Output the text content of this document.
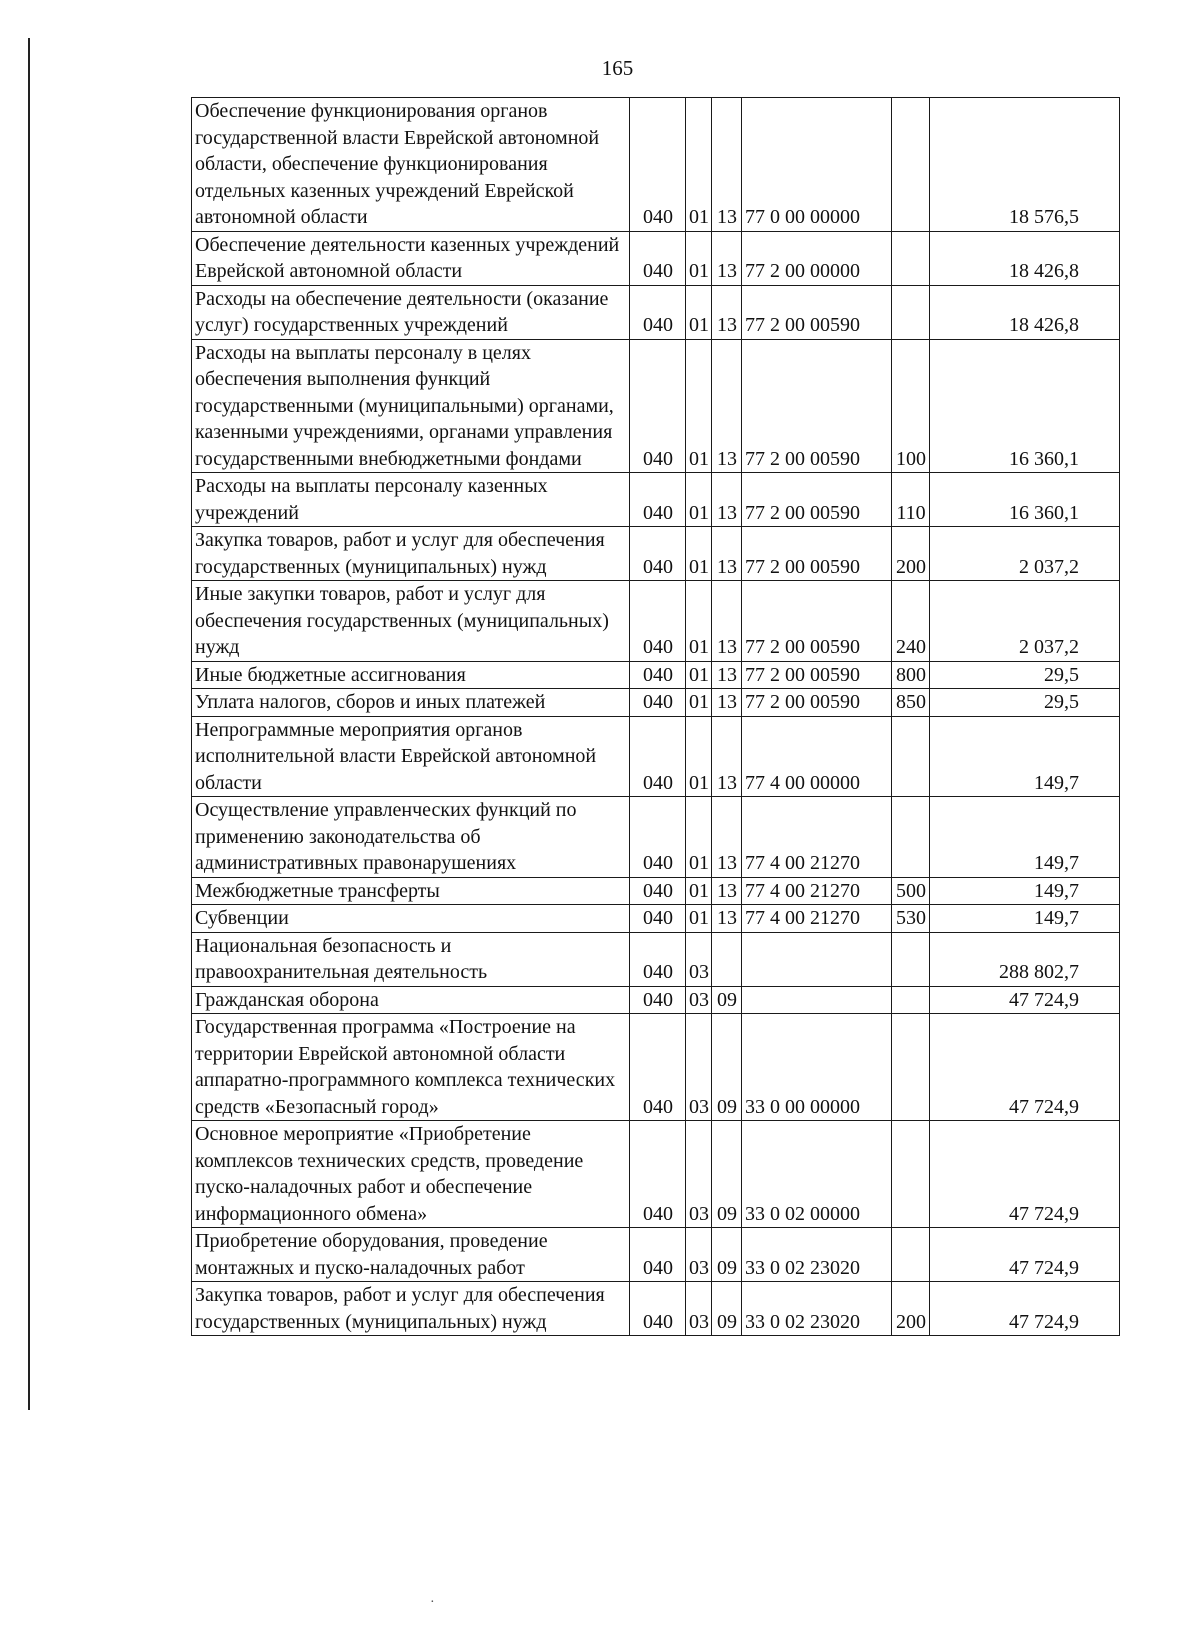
165
Обеспечение функционирования органов государственной власти Еврейской автономной области, обеспечение функционирования отдельных казенных учреждений Еврейской автономной области	040	01	13	77 0 00 00000		18 576,5
Обеспечение деятельности казенных учреждений Еврейской автономной области	040	01	13	77 2 00 00000		18 426,8
Расходы на обеспечение деятельности (оказание услуг) государственных учреждений	040	01	13	77 2 00 00590		18 426,8
Расходы на выплаты персоналу в целях обеспечения выполнения функций государственными (муниципальными) органами, казенными учреждениями, органами управления государственными внебюджетными фондами	040	01	13	77 2 00 00590	100	16 360,1
Расходы на выплаты персоналу казенных учреждений	040	01	13	77 2 00 00590	110	16 360,1
Закупка товаров, работ и услуг для обеспечения государственных (муниципальных) нужд	040	01	13	77 2 00 00590	200	2 037,2
Иные закупки товаров, работ и услуг для обеспечения государственных (муниципальных) нужд	040	01	13	77 2 00 00590	240	2 037,2
Иные бюджетные ассигнования	040	01	13	77 2 00 00590	800	29,5
Уплата налогов, сборов и иных платежей	040	01	13	77 2 00 00590	850	29,5
Непрограммные мероприятия органов исполнительной власти Еврейской автономной области	040	01	13	77 4 00 00000		149,7
Осуществление управленческих функций по применению законодательства об административных правонарушениях	040	01	13	77 4 00 21270		149,7
Межбюджетные трансферты	040	01	13	77 4 00 21270	500	149,7
Субвенции	040	01	13	77 4 00 21270	530	149,7
Национальная безопасность и правоохранительная деятельность	040	03				288 802,7
Гражданская оборона	040	03	09			47 724,9
Государственная программа «Построение на территории Еврейской автономной области аппаратно-программного комплекса технических средств «Безопасный город»	040	03	09	33 0 00 00000		47 724,9
Основное мероприятие «Приобретение комплексов технических средств, проведение пуско-наладочных работ и обеспечение информационного обмена»	040	03	09	33 0 02 00000		47 724,9
Приобретение оборудования, проведение монтажных и пуско-наладочных работ	040	03	09	33 0 02 23020		47 724,9
Закупка товаров, работ и услуг для обеспечения государственных (муниципальных) нужд	040	03	09	33 0 02 23020	200	47 724,9
·
